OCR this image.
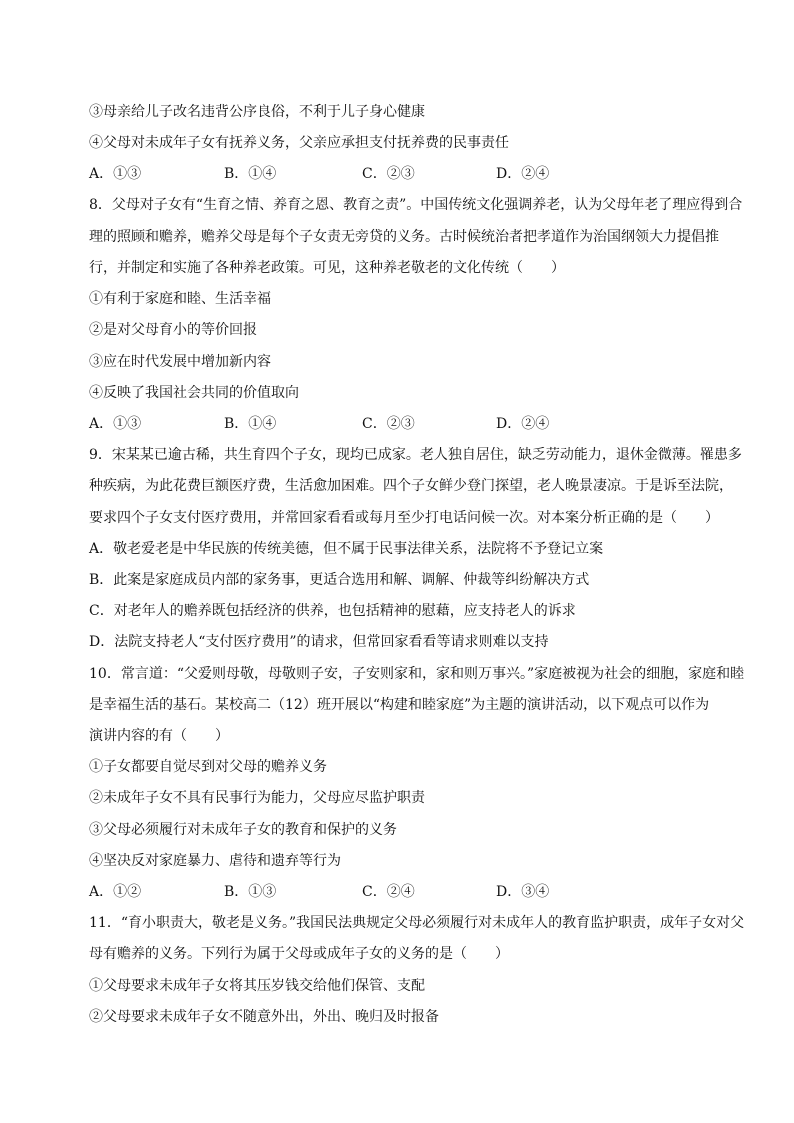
③母亲给儿子改名违背公序良俗，不利于儿子身心健康
④父母对未成年子女有抚养义务，父亲应承担支付抚养费的民事责任
A．①③	B．①④	C．②③	D．②④
8．父母对子女有“生育之情、养育之恩、教育之责”。中国传统文化强调养老，认为父母年老了理应得到合
理的照顾和赡养，赡养父母是每个子女责无旁贷的义务。古时候统治者把孝道作为治国纲领大力提倡推
行，并制定和实施了各种养老政策。可见，这种养老敬老的文化传统（　　）
①有利于家庭和睦、生活幸福
②是对父母育小的等价回报
③应在时代发展中增加新内容
④反映了我国社会共同的价值取向
A．①③	B．①④	C．②③	D．②④
9．宋某某已逾古稀，共生育四个子女，现均已成家。老人独自居住，缺乏劳动能力，退休金微薄。罹患多
种疾病，为此花费巨额医疗费，生活愈加困难。四个子女鲜少登门探望，老人晚景凄凉。于是诉至法院，
要求四个子女支付医疗费用，并常回家看看或每月至少打电话问候一次。对本案分析正确的是（　　）
A．敬老爱老是中华民族的传统美德，但不属于民事法律关系，法院将不予登记立案
B．此案是家庭成员内部的家务事，更适合选用和解、调解、仲裁等纠纷解决方式
C．对老年人的赡养既包括经济的供养，也包括精神的慰藉，应支持老人的诉求
D．法院支持老人“支付医疗费用”的请求，但常回家看看等请求则难以支持
10．常言道：“父爱则母敬，母敬则子安，子安则家和，家和则万事兴。”家庭被视为社会的细胞，家庭和睦
是幸福生活的基石。某校高二（12）班开展以“构建和睦家庭”为主题的演讲活动，以下观点可以作为
演讲内容的有（　　）
①子女都要自觉尽到对父母的赡养义务
②未成年子女不具有民事行为能力，父母应尽监护职责
③父母必须履行对未成年子女的教育和保护的义务
④坚决反对家庭暴力、虐待和遗弃等行为
A．①②	B．①③	C．②④	D．③④
11．“育小职责大，敬老是义务。”我国民法典规定父母必须履行对未成年人的教育监护职责，成年子女对父
母有赡养的义务。下列行为属于父母或成年子女的义务的是（　　）
①父母要求未成年子女将其压岁钱交给他们保管、支配
②父母要求未成年子女不随意外出，外出、晚归及时报备
